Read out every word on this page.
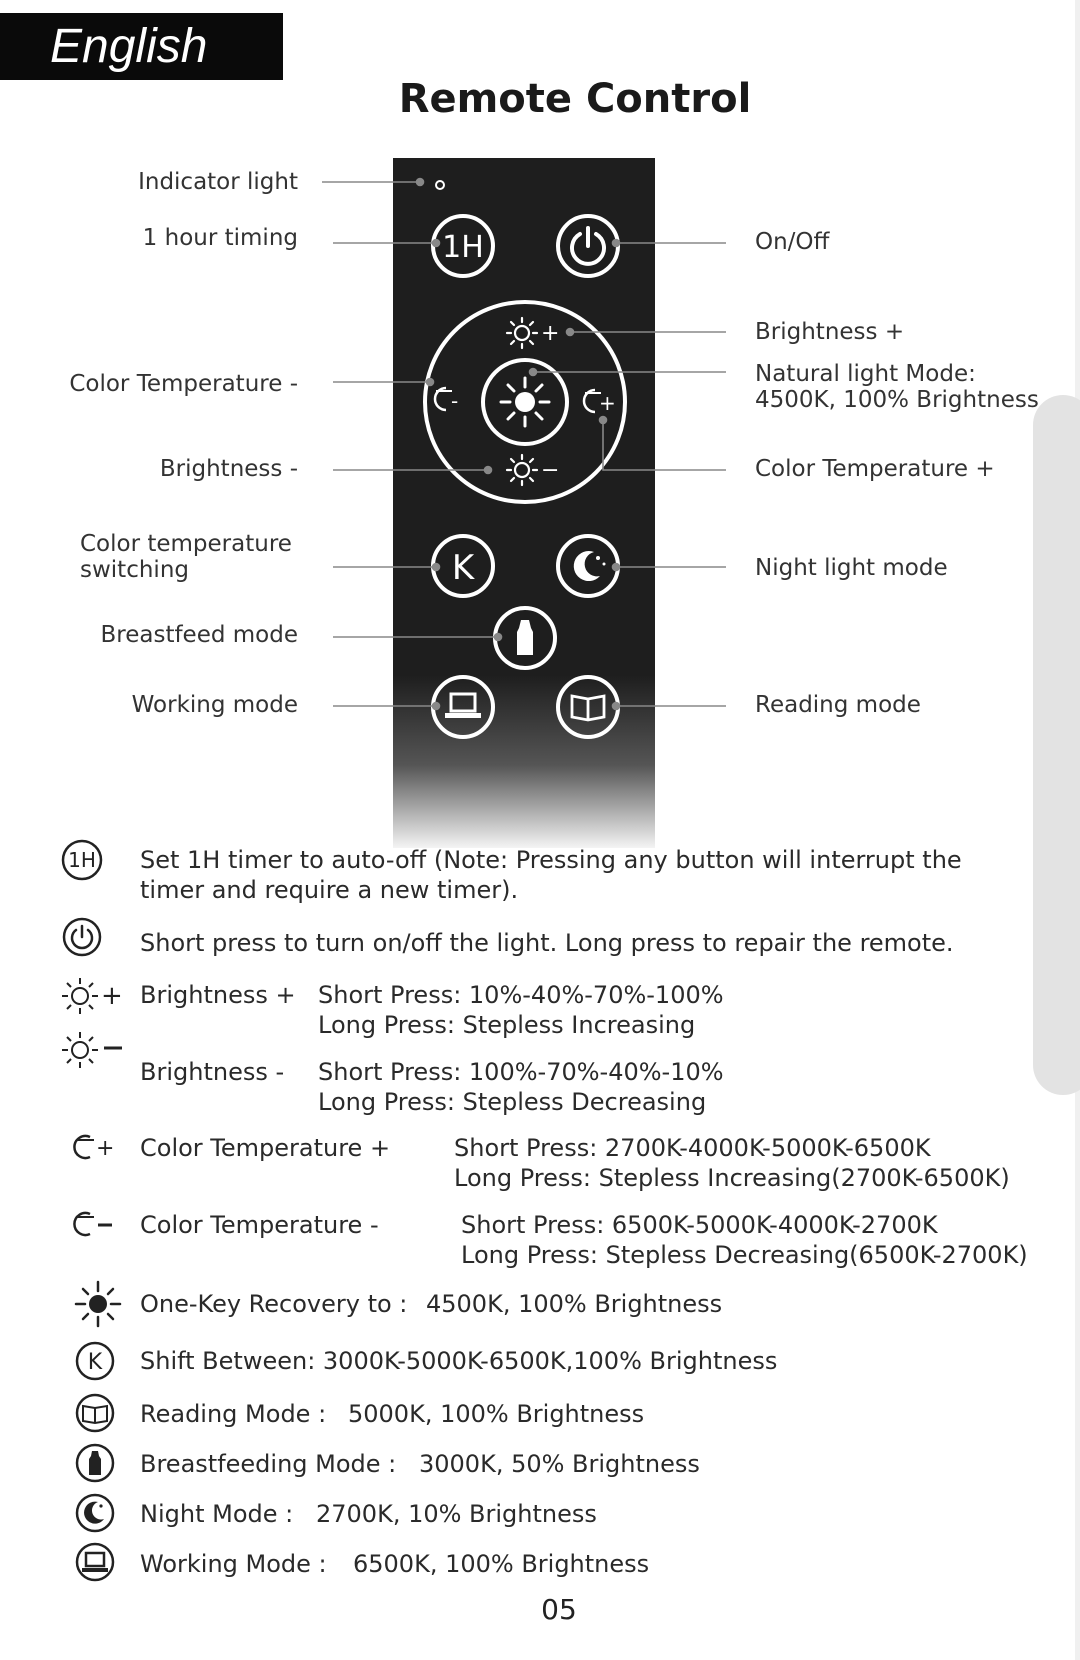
English
Remote Control
1H
+
−
-	+
K
Indicator light
1 hour timing
Color Temperature -
Brightness -
Color temperature
switching
Breastfeed mode
Working mode
On/Off
Brightness +
Natural light Mode:
4500K, 100% Brightness
Color Temperature +
Night light mode
Reading mode
1H Set 1H timer to auto-off (Note: Pressing any button will interrupt the
timer and require a new timer).
Short press to turn on/off the light. Long press to repair the remote.
+ Brightness + Short Press: 10%-40%-70%-100%
Long Press: Stepless Increasing
Brightness - Short Press: 100%-70%-40%-10%
Long Press: Stepless Decreasing
+ Color Temperature +	Short Press: 2700K-4000K-5000K-6500K
Long Press: Stepless Increasing(2700K-6500K)
Color Temperature -	Short Press: 6500K-5000K-4000K-2700K
Long Press: Stepless Decreasing(6500K-2700K)
One-Key Recovery to : 4500K, 100% Brightness
K Shift Between: 3000K-5000K-6500K,100% Brightness
Reading Mode : 5000K, 100% Brightness
Breastfeeding Mode : 3000K, 50% Brightness
Night Mode : 2700K, 10% Brightness
Working Mode : 6500K, 100% Brightness
05
